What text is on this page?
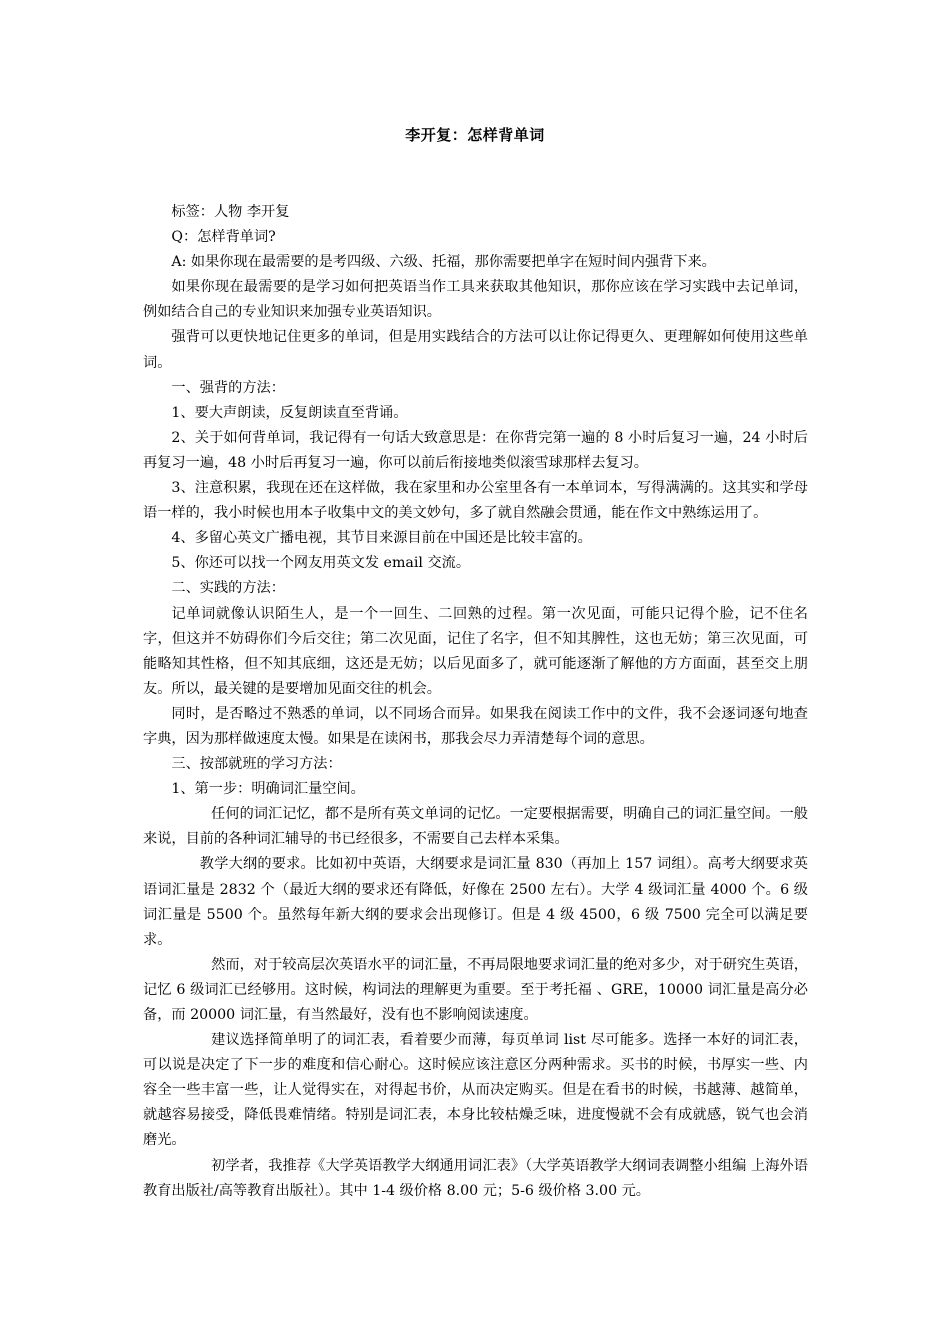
李开复：怎样背单词

标签：人物 李开复

Q：怎样背单词?

A: 如果你现在最需要的是考四级、六级、托福，那你需要把单字在短时间内强背下来。

如果你现在最需要的是学习如何把英语当作工具来获取其他知识，那你应该在学习实践中去记单词，例如结合自己的专业知识来加强专业英语知识。

强背可以更快地记住更多的单词，但是用实践结合的方法可以让你记得更久、更理解如何使用这些单词。

一、强背的方法：

1、要大声朗读，反复朗读直至背诵。

2、关于如何背单词，我记得有一句话大致意思是：在你背完第一遍的 8 小时后复习一遍，24 小时后再复习一遍，48 小时后再复习一遍，你可以前后衔接地类似滚雪球那样去复习。

3、注意积累，我现在还在这样做，我在家里和办公室里各有一本单词本，写得满满的。这其实和学母语一样的，我小时候也用本子收集中文的美文妙句，多了就自然融会贯通，能在作文中熟练运用了。

4、多留心英文广播电视，其节目来源目前在中国还是比较丰富的。

5、你还可以找一个网友用英文发 email 交流。

二、实践的方法：

记单词就像认识陌生人，是一个一回生、二回熟的过程。第一次见面，可能只记得个脸，记不住名字，但这并不妨碍你们今后交往；第二次见面，记住了名字，但不知其脾性，这也无妨；第三次见面，可能略知其性格，但不知其底细，这还是无妨；以后见面多了，就可能逐渐了解他的方方面面，甚至交上朋友。所以，最关键的是要增加见面交往的机会。

同时，是否略过不熟悉的单词，以不同场合而异。如果我在阅读工作中的文件，我不会逐词逐句地查字典，因为那样做速度太慢。如果是在读闲书，那我会尽力弄清楚每个词的意思。

三、按部就班的学习方法：

1、第一步：明确词汇量空间。

任何的词汇记忆，都不是所有英文单词的记忆。一定要根据需要，明确自己的词汇量空间。一般来说，目前的各种词汇辅导的书已经很多，不需要自己去样本采集。

教学大纲的要求。比如初中英语，大纲要求是词汇量 830（再加上 157 词组）。高考大纲要求英语词汇量是 2832 个（最近大纲的要求还有降低，好像在 2500 左右）。大学 4 级词汇量 4000 个。6 级词汇量是 5500 个。虽然每年新大纲的要求会出现修订。但是 4 级 4500，6 级 7500 完全可以满足要求。

然而，对于较高层次英语水平的词汇量，不再局限地要求词汇量的绝对多少，对于研究生英语，记忆 6 级词汇已经够用。这时候，构词法的理解更为重要。至于考托福 、GRE，10000 词汇量是高分必备，而 20000 词汇量，有当然最好，没有也不影响阅读速度。

建议选择简单明了的词汇表，看着要少而薄，每页单词 list 尽可能多。选择一本好的词汇表，可以说是决定了下一步的难度和信心耐心。这时候应该注意区分两种需求。买书的时候，书厚实一些、内容全一些丰富一些，让人觉得实在，对得起书价，从而决定购买。但是在看书的时候，书越薄、越简单，就越容易接受，降低畏难情绪。特别是词汇表，本身比较枯燥乏味，进度慢就不会有成就感，锐气也会消磨光。

初学者，我推荐《大学英语教学大纲通用词汇表》（大学英语教学大纲词表调整小组编 上海外语教育出版社/高等教育出版社）。其中 1-4 级价格 8.00 元；5-6 级价格 3.00 元。
